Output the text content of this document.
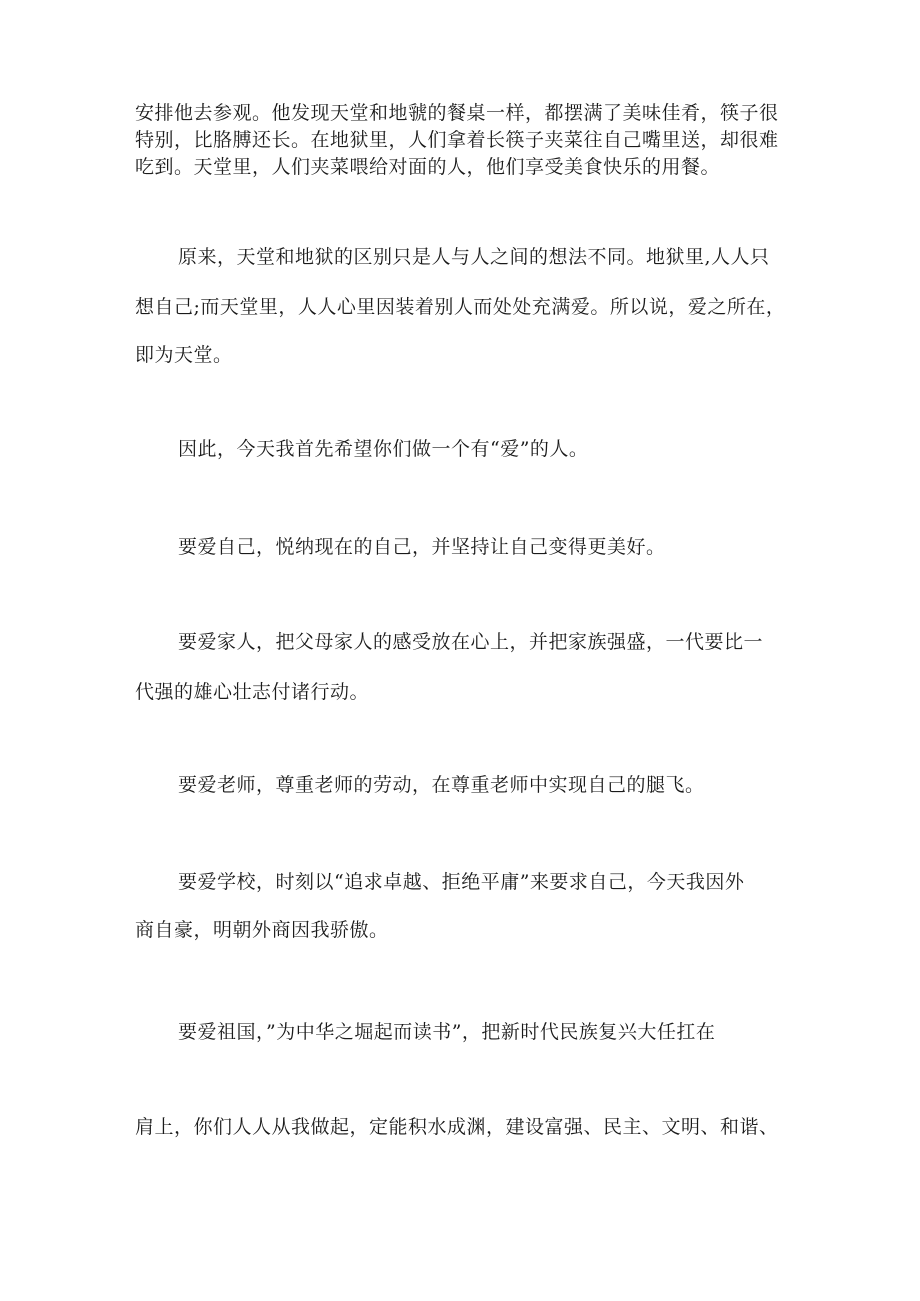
安排他去参观。他发现天堂和地虢的餐桌一样，都摆满了美味佳肴，筷子很
特别，比胳膊还长。在地狱里，人们拿着长筷子夹菜往自己嘴里送，却很难
吃到。天堂里，人们夹菜喂给对面的人，他们享受美食快乐的用餐。
原来，天堂和地狱的区别只是人与人之间的想法不同。地狱里,人人只
想自己;而天堂里，人人心里因装着别人而处处充满爱。所以说，爱之所在，
即为天堂。
因此，今天我首先希望你们做一个有“爱”的人。
要爱自己，悦纳现在的自己，并坚持让自己变得更美好。
要爱家人，把父母家人的感受放在心上，并把家族强盛，一代要比一
代强的雄心壮志付诸行动。
要爱老师，尊重老师的劳动，在尊重老师中实现自己的腿飞。
要爱学校，时刻以“追求卓越、拒绝平庸”来要求自己，今天我因外
商自豪，明朝外商因我骄傲。
要爱祖国，”为中华之堀起而读书”，把新时代民族复兴大任扛在
肩上，你们人人从我做起，定能积水成渊，建设富强、民主、文明、和谐、
